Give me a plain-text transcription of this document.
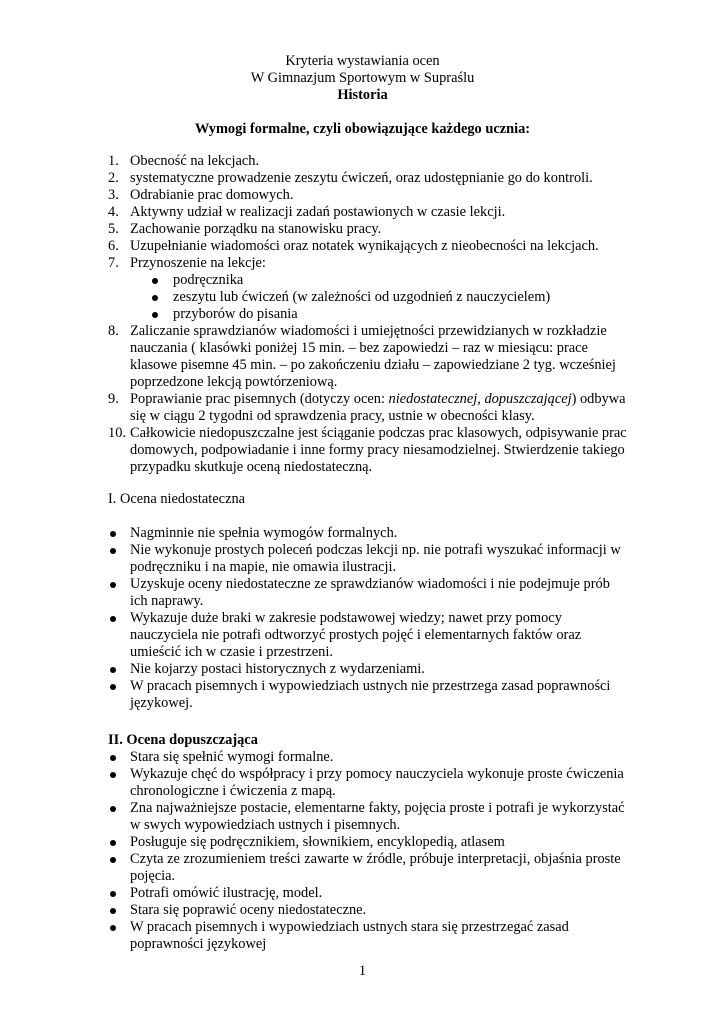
Kryteria wystawiania ocen
W Gimnazjum Sportowym w Supraślu
Historia
Wymogi formalne, czyli obowiązujące każdego ucznia:
1. Obecność na lekcjach.
2. systematyczne prowadzenie zeszytu ćwiczeń, oraz udostępnianie go do kontroli.
3. Odrabianie prac domowych.
4. Aktywny udział w realizacji zadań postawionych w czasie lekcji.
5. Zachowanie porządku na stanowisku pracy.
6. Uzupełnianie wiadomości oraz notatek wynikających z nieobecności na lekcjach.
7. Przynoszenie na lekcje:
podręcznika
zeszytu lub ćwiczeń (w zależności od uzgodnień z nauczycielem)
przyborów do pisania
8. Zaliczanie sprawdzianów wiadomości i umiejętności przewidzianych w rozkładzie
nauczania ( klasówki poniżej 15 min. – bez zapowiedzi – raz w miesiącu: prace
klasowe pisemne 45 min. – po zakończeniu działu – zapowiedziane 2 tyg. wcześniej
poprzedzone lekcją powtórzeniową.
9. Poprawianie prac pisemnych (dotyczy ocen: niedostatecznej, dopuszczającej) odbywa
się w ciągu 2 tygodni od sprawdzenia pracy, ustnie w obecności klasy.
10. Całkowicie niedopuszczalne jest ściąganie podczas prac klasowych, odpisywanie prac
domowych, podpowiadanie i inne formy pracy niesamodzielnej. Stwierdzenie takiego
przypadku skutkuje oceną niedostateczną.
I. Ocena niedostateczna
Nagminnie nie spełnia wymogów formalnych.
Nie wykonuje prostych poleceń podczas lekcji np. nie potrafi wyszukać informacji w
podręczniku i na mapie, nie omawia ilustracji.
Uzyskuje oceny niedostateczne ze sprawdzianów wiadomości i nie podejmuje prób
ich naprawy.
Wykazuje duże braki w zakresie podstawowej wiedzy; nawet przy pomocy
nauczyciela nie potrafi odtworzyć prostych pojęć i elementarnych faktów oraz
umieścić ich w czasie i przestrzeni.
Nie kojarzy postaci historycznych z wydarzeniami.
W pracach pisemnych i wypowiedziach ustnych nie przestrzega zasad poprawności
językowej.
II. Ocena dopuszczająca
Stara się spełnić wymogi formalne.
Wykazuje chęć do współpracy i przy pomocy nauczyciela wykonuje proste ćwiczenia
chronologiczne i ćwiczenia z mapą.
Zna najważniejsze postacie, elementarne fakty, pojęcia proste i potrafi je wykorzystać
w swych wypowiedziach ustnych i pisemnych.
Posługuje się podręcznikiem, słownikiem, encyklopedią, atlasem
Czyta ze zrozumieniem treści zawarte w źródle, próbuje interpretacji, objaśnia proste
pojęcia.
Potrafi omówić ilustrację, model.
Stara się poprawić oceny niedostateczne.
W pracach pisemnych i wypowiedziach ustnych stara się przestrzegać zasad
poprawności językowej
1
